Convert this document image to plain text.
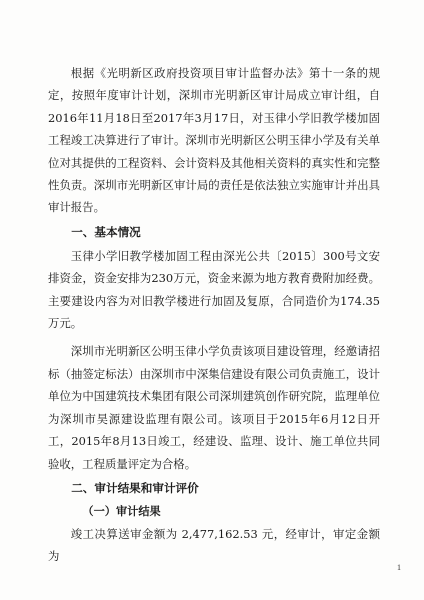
根据《光明新区政府投资项目审计监督办法》第十一条的规定，按照年度审计计划，深圳市光明新区审计局成立审计组，自2016年11月18日至2017年3月17日，对玉律小学旧教学楼加固工程竣工决算进行了审计。深圳市光明新区公明玉律小学及有关单位对其提供的工程资料、会计资料及其他相关资料的真实性和完整性负责。深圳市光明新区审计局的责任是依法独立实施审计并出具审计报告。

一、基本情况

玉律小学旧教学楼加固工程由深光公共〔2015〕300号文安排资金，资金安排为230万元，资金来源为地方教育费附加经费。主要建设内容为对旧教学楼进行加固及复原，合同造价为174.35万元。

深圳市光明新区公明玉律小学负责该项目建设管理，经邀请招标（抽签定标法）由深圳市中深集信建设有限公司负责施工，设计单位为中国建筑技术集团有限公司深圳建筑创作研究院，监理单位为深圳市昊源建设监理有限公司。该项目于2015年6月12日开工，2015年8月13日竣工，经建设、监理、设计、施工单位共同验收，工程质量评定为合格。

二、审计结果和审计评价

（一）审计结果

竣工决算送审金额为 2,477,162.53 元，经审计，审定金额为

1
